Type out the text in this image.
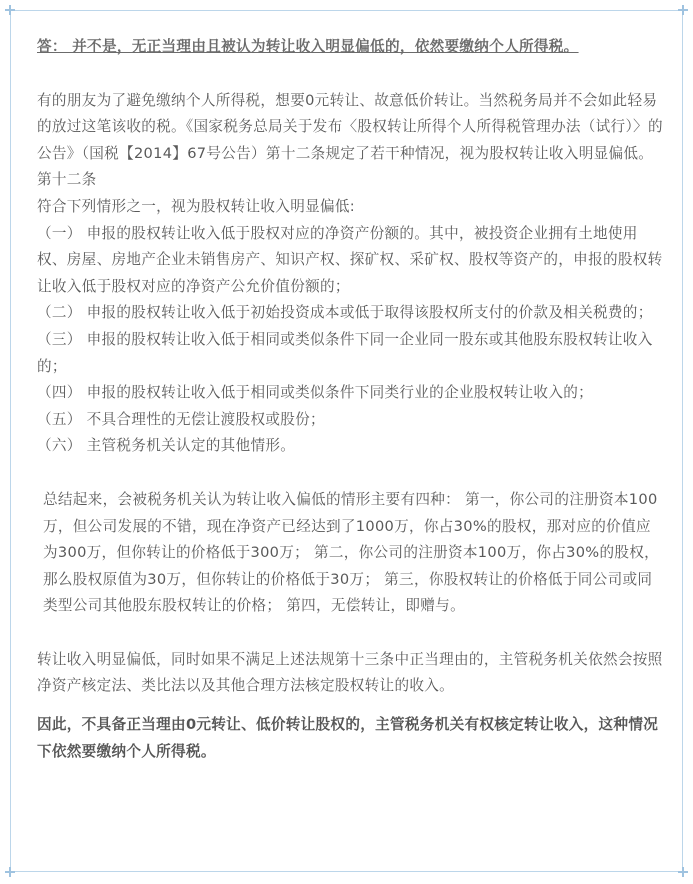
答： 并不是，无正当理由且被认为转让收入明显偏低的，依然要缴纳个人所得税。

有的朋友为了避免缴纳个人所得税，想要0元转让、故意低价转让。当然税务局并不会如此轻易的放过这笔该收的税。《国家税务总局关于发布〈股权转让所得个人所得税管理办法（试行）〉的公告》（国税【2014】67号公告）第十二条规定了若干种情况，视为股权转让收入明显偏低。

第十二条

符合下列情形之一，视为股权转让收入明显偏低:

（一） 申报的股权转让收入低于股权对应的净资产份额的。其中，被投资企业拥有土地使用权、房屋、房地产企业未销售房产、知识产权、探矿权、采矿权、股权等资产的，申报的股权转让收入低于股权对应的净资产公允价值份额的；

（二） 申报的股权转让收入低于初始投资成本或低于取得该股权所支付的价款及相关税费的；

（三） 申报的股权转让收入低于相同或类似条件下同一企业同一股东或其他股东股权转让收入的；

（四） 申报的股权转让收入低于相同或类似条件下同类行业的企业股权转让收入的；

（五） 不具合理性的无偿让渡股权或股份；

（六） 主管税务机关认定的其他情形。

总结起来，会被税务机关认为转让收入偏低的情形主要有四种： 第一，你公司的注册资本100万，但公司发展的不错，现在净资产已经达到了1000万，你占30%的股权，那对应的价值应为300万，但你转让的价格低于300万； 第二，你公司的注册资本100万，你占30%的股权，那么股权原值为30万，但你转让的价格低于30万； 第三，你股权转让的价格低于同公司或同类型公司其他股东股权转让的价格； 第四，无偿转让，即赠与。

转让收入明显偏低，同时如果不满足上述法规第十三条中正当理由的，主管税务机关依然会按照净资产核定法、类比法以及其他合理方法核定股权转让的收入。

因此，不具备正当理由0元转让、低价转让股权的，主管税务机关有权核定转让收入，这种情况下依然要缴纳个人所得税。
